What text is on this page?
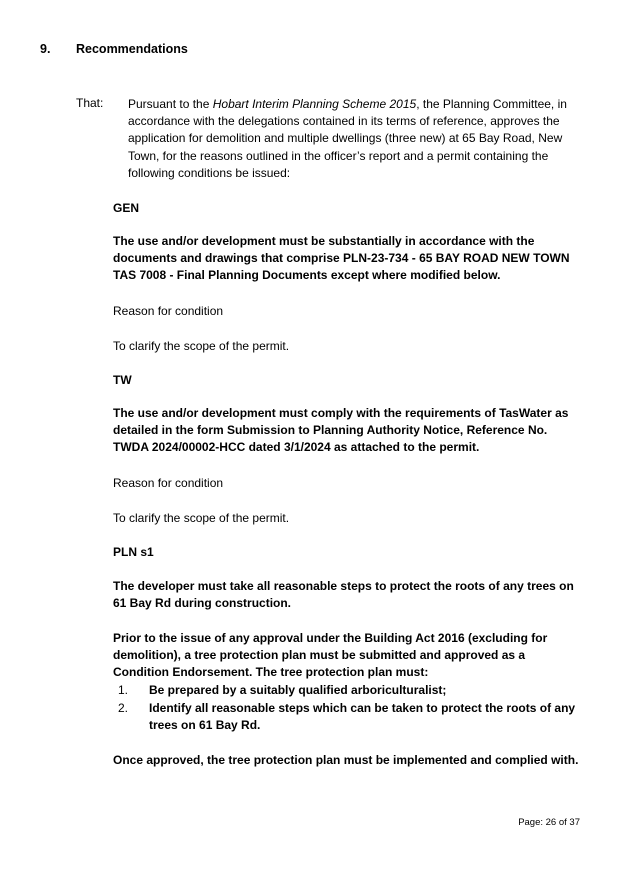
9. Recommendations
That: Pursuant to the Hobart Interim Planning Scheme 2015, the Planning Committee, in accordance with the delegations contained in its terms of reference, approves the application for demolition and multiple dwellings (three new) at 65 Bay Road, New Town, for the reasons outlined in the officer’s report and a permit containing the following conditions be issued:
GEN
The use and/or development must be substantially in accordance with the documents and drawings that comprise PLN-23-734 - 65 BAY ROAD NEW TOWN TAS 7008 - Final Planning Documents except where modified below.
Reason for condition
To clarify the scope of the permit.
TW
The use and/or development must comply with the requirements of TasWater as detailed in the form Submission to Planning Authority Notice, Reference No. TWDA 2024/00002-HCC dated 3/1/2024 as attached to the permit.
Reason for condition
To clarify the scope of the permit.
PLN s1
The developer must take all reasonable steps to protect the roots of any trees on 61 Bay Rd during construction.
Prior to the issue of any approval under the Building Act 2016 (excluding for demolition), a tree protection plan must be submitted and approved as a Condition Endorsement. The tree protection plan must:
1.	Be prepared by a suitably qualified arboriculturalist;
2.	Identify all reasonable steps which can be taken to protect the roots of any trees on 61 Bay Rd.
Once approved, the tree protection plan must be implemented and complied with.
Page: 26 of 37
